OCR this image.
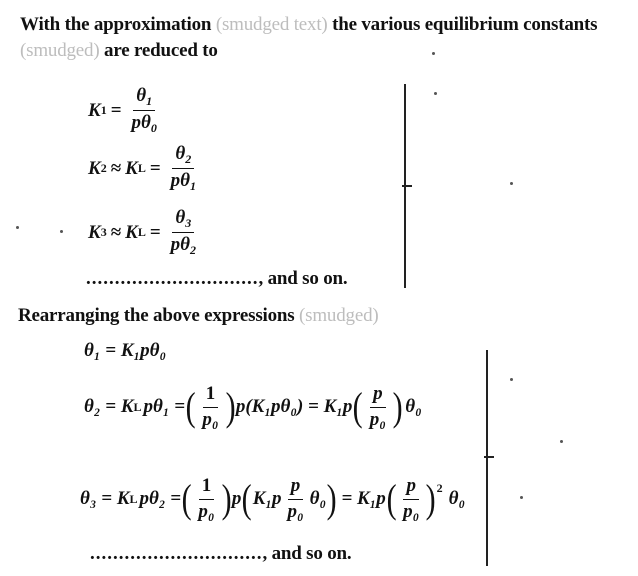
With the approximation (smudged text) the various equilibrium constants
(smudged) are reduced to
K $1 = \frac{\theta_1}{p\theta_0}$
K 2 ≈ K $L = \frac{\theta_2}{p\theta_1}$
K 3 ≈ K $L = \frac{\theta_3}{p\theta_2}$
.............................., and so on.
Rearranging the above expressions (smudged)
θ₁ = K₁pθ₀
θ₂ = K L pθ₁ = ( $\frac{1}{\text{p₀}}$ ) p(K₁pθ₀) = K₁p ( $\frac{p}{\text{p₀}}$ ) θ₀
θ₃ = K L pθ₂ = ( $\frac{1}{\text{p₀}}$ ) p ( $K_1p \frac{p}{\text{p₀}} \theta_0$ ) = K₁p ( $\frac{p}{\text{p₀}} )^2$
θ₀
.............................., and so on.
